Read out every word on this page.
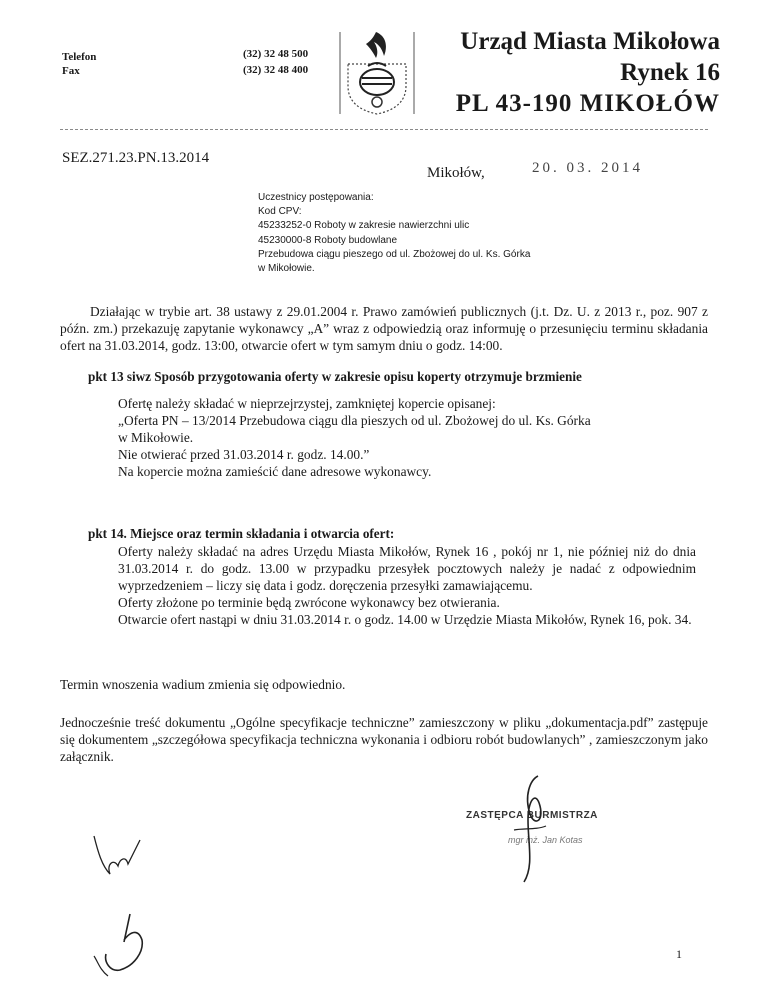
Telefon
Fax
(32) 32 48 500
(32) 32 48 400
Urząd Miasta Mikołowa
Rynek 16
PL 43-190 MIKOŁÓW
SEZ.271.23.PN.13.2014
Mikołów,	20. 03. 2014
Uczestnicy postępowania:
Kod CPV:
45233252-0 Roboty w zakresie nawierzchni ulic
45230000-8 Roboty budowlane
Przebudowa ciągu pieszego od ul. Zbożowej do ul. Ks. Górka
w Mikołowie.
Działając w trybie art. 38 ustawy z 29.01.2004 r. Prawo zamówień publicznych (j.t. Dz. U. z 2013 r., poz. 907 z późn. zm.) przekazuję zapytanie wykonawcy „A” wraz z odpowiedzią oraz informuję o przesunięciu terminu składania ofert na 31.03.2014, godz. 13:00, otwarcie ofert w tym samym dniu o godz. 14:00.
pkt 13 siwz Sposób przygotowania oferty w zakresie opisu koperty otrzymuje brzmienie
Ofertę należy składać w nieprzejrzystej, zamkniętej kopercie opisanej:
„Oferta PN – 13/2014 Przebudowa ciągu dla pieszych od ul. Zbożowej do ul. Ks. Górka
w Mikołowie.
Nie otwierać przed 31.03.2014 r. godz. 14.00.”
Na kopercie można zamieścić dane adresowe wykonawcy.
pkt 14. Miejsce oraz termin składania i otwarcia ofert:
Oferty należy składać na adres Urzędu Miasta Mikołów, Rynek 16 , pokój nr 1, nie później niż do dnia 31.03.2014 r. do godz. 13.00 w przypadku przesyłek pocztowych należy je nadać z odpowiednim wyprzedzeniem – liczy się data i godz. doręczenia przesyłki zamawiającemu.
Oferty złożone po terminie będą zwrócone wykonawcy bez otwierania.
Otwarcie ofert nastąpi w dniu 31.03.2014 r. o godz. 14.00 w Urzędzie Miasta Mikołów, Rynek 16, pok. 34.
Termin wnoszenia wadium zmienia się odpowiednio.
Jednocześnie treść dokumentu „Ogólne specyfikacje techniczne” zamieszczony w pliku „dokumentacja.pdf” zastępuje się dokumentem „szczegółowa specyfikacja techniczna wykonania i odbioru robót budowlanych” , zamieszczonym jako załącznik.
ZASTĘPCA BURMISTRZA
mgr inż. Jan Kotas
1
